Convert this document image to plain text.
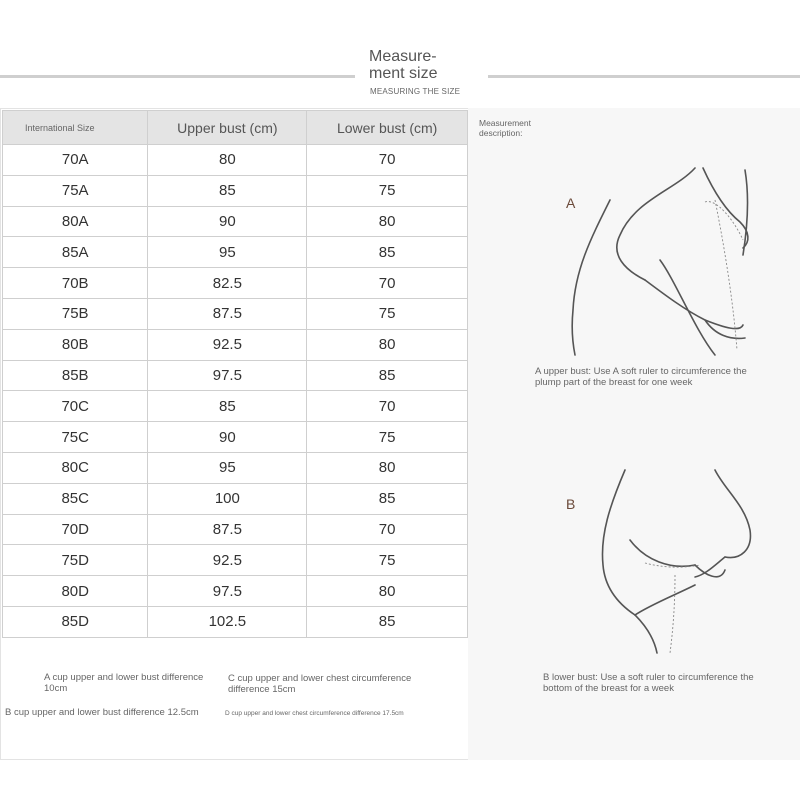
Measure-
ment size
MEASURING THE SIZE
International Size	Upper bust (cm)	Lower bust (cm)
70A	80	70
75A	85	75
80A	90	80
85A	95	85
70B	82.5	70
75B	87.5	75
80B	92.5	80
85B	97.5	85
70C	85	70
75C	90	75
80C	95	80
85C	100	85
70D	87.5	70
75D	92.5	75
80D	97.5	80
85D	102.5	85
A cup upper and lower bust difference 10cm
C cup upper and lower chest circumference difference 15cm
B cup upper and lower bust difference 12.5cm	D cup upper and lower chest circumference difference 17.5cm
Measurement description:
A
A upper bust: Use A soft ruler to circumference the plump part of the breast for one week
B
B lower bust: Use a soft ruler to circumference the bottom of the breast for a week
